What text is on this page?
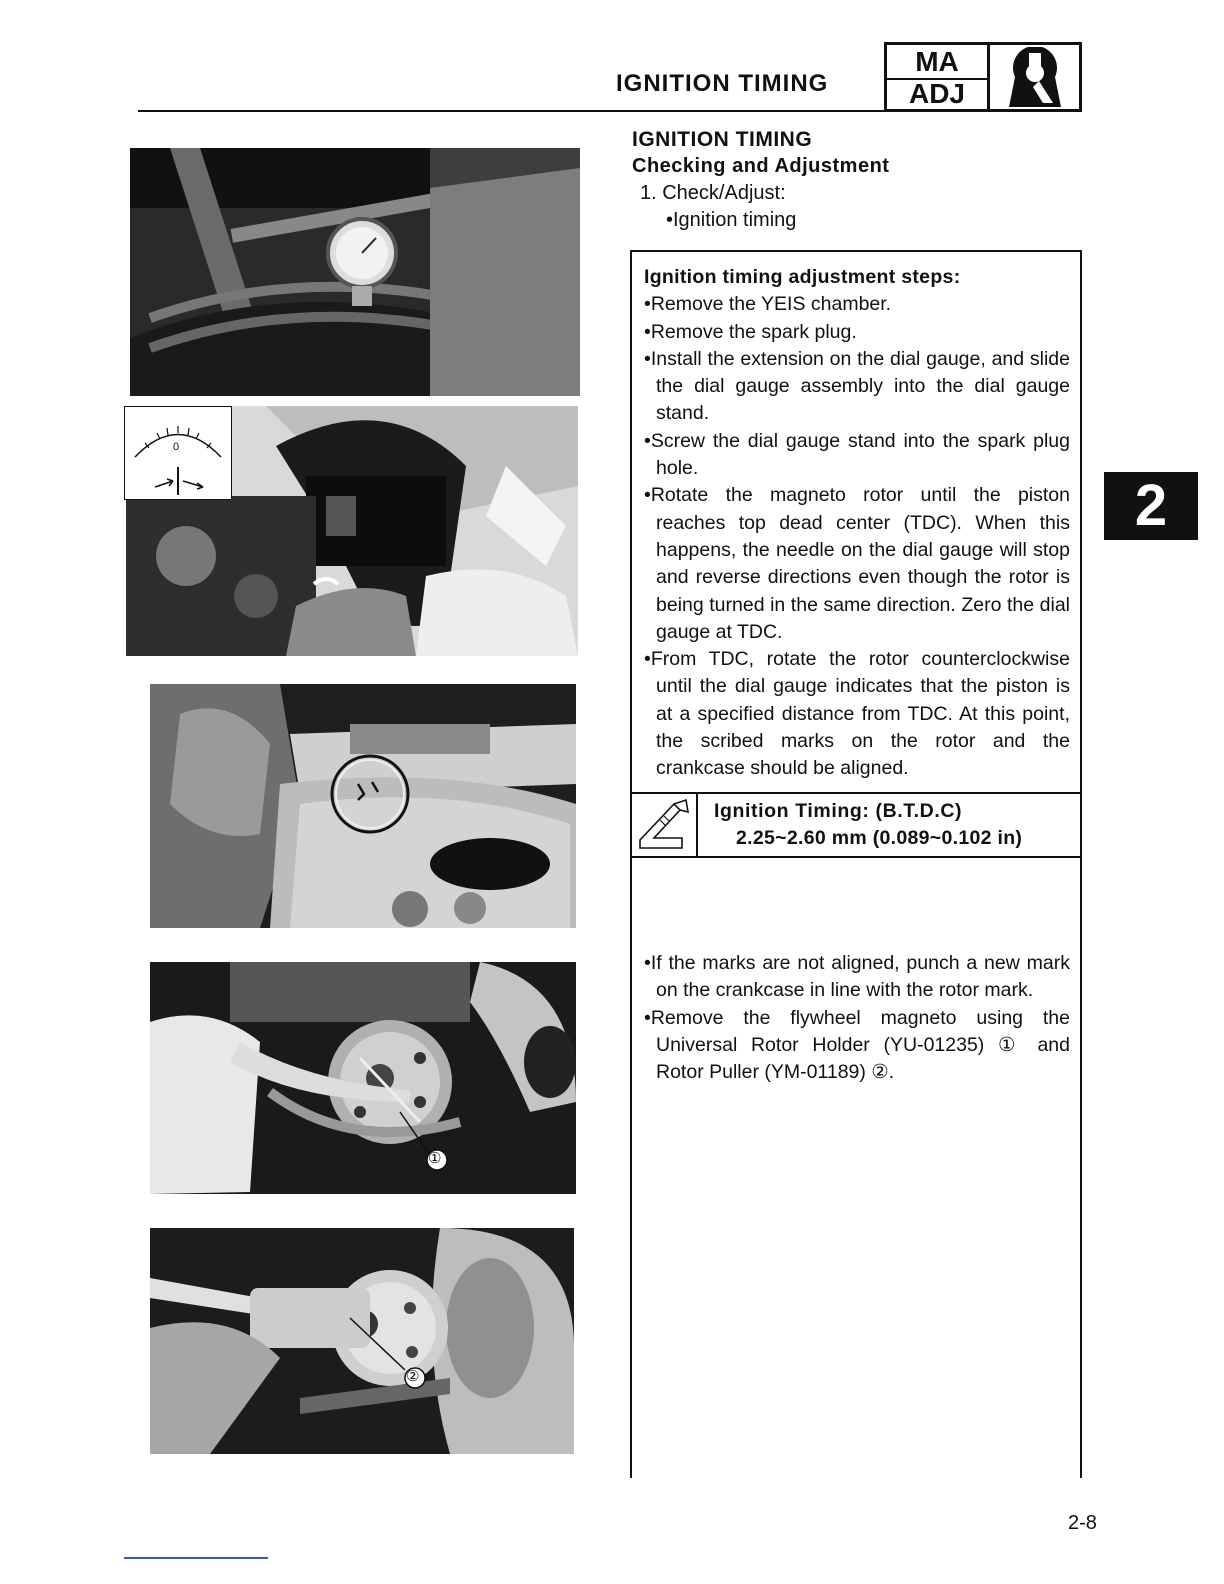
IGNITION TIMING
MA
ADJ
0
①
②
IGNITION TIMING
Checking and Adjustment
1. Check/Adjust:
•Ignition timing
Ignition timing adjustment steps:
•Remove the YEIS chamber.
•Remove the spark plug.
•Install the extension on the dial gauge, and slide the dial gauge assembly into the dial gauge stand.
•Screw the dial gauge stand into the spark plug hole.
•Rotate the magneto rotor until the piston reaches top dead center (TDC). When this happens, the needle on the dial gauge will stop and reverse directions even though the rotor is being turned in the same direction. Zero the dial gauge at TDC.
•From TDC, rotate the rotor counterclockwise until the dial gauge indicates that the piston is at a specified distance from TDC. At this point, the scribed marks on the rotor and the crankcase should be aligned.
Ignition Timing: (B.T.D.C)
2.25~2.60 mm (0.089~0.102 in)
•If the marks are not aligned, punch a new mark on the crankcase in line with the rotor mark.
•Remove the flywheel magneto using the Universal Rotor Holder (YU-01235) ① and Rotor Puller (YM-01189) ②.
2
2-8
